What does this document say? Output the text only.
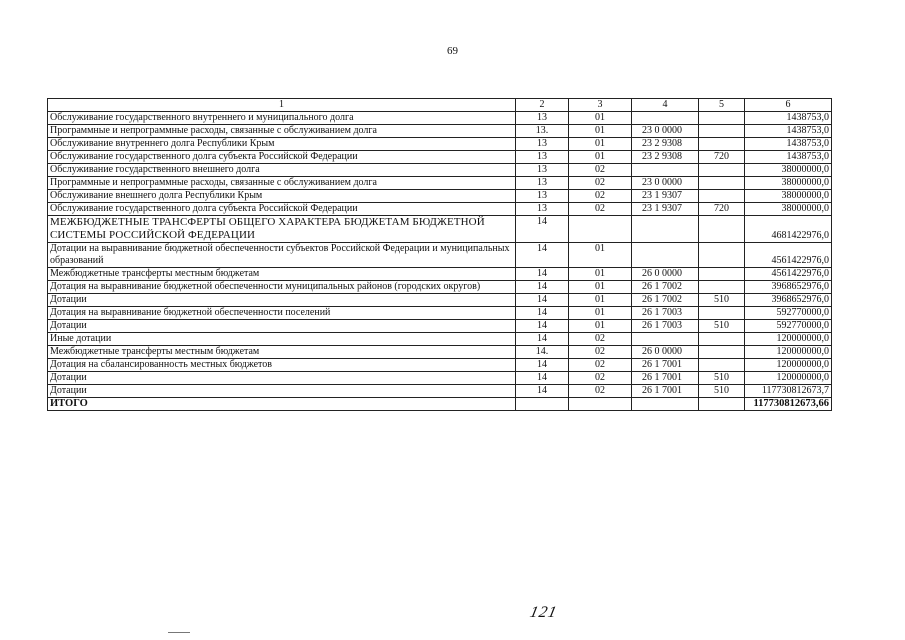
69
1	2	3	4	5	6
Обслуживание государственного внутреннего и муниципального долга	13	01			1438753,0
Программные и непрограммные расходы, связанные с обслуживанием долга	13.	01	23 0 0000		1438753,0
Обслуживание внутреннего долга Республики Крым	13	01	23 2 9308		1438753,0
Обслуживание государственного долга субъекта Российской Федерации	13	01	23 2 9308	720	1438753,0
Обслуживание государственного внешнего долга	13	02			38000000,0
Программные и непрограммные расходы, связанные с обслуживанием долга	13	02	23 0 0000		38000000,0
Обслуживание внешнего долга Республики Крым	13	02	23 1 9307		38000000,0
Обслуживание государственного долга субъекта Российской Федерации	13	02	23 1 9307	720	38000000,0
МЕЖБЮДЖЕТНЫЕ ТРАНСФЕРТЫ ОБЩЕГО ХАРАКТЕРА БЮДЖЕТАМ БЮДЖЕТНОЙ СИСТЕМЫ РОССИЙСКОЙ ФЕДЕРАЦИИ	14				4681422976,0
Дотации на выравнивание бюджетной обеспеченности субъектов Российской Федерации и муниципальных образований	14	01			4561422976,0
Межбюджетные трансферты местным бюджетам	14	01	26 0 0000		4561422976,0
Дотация на выравнивание бюджетной обеспеченности муниципальных районов (городских округов)	14	01	26 1 7002		3968652976,0
Дотации	14	01	26 1 7002	510	3968652976,0
Дотация на выравнивание бюджетной обеспеченности поселений	14	01	26 1 7003		592770000,0
Дотации	14	01	26 1 7003	510	592770000,0
Иные дотации	14	02			120000000,0
Межбюджетные трансферты местным бюджетам	14.	02	26 0 0000		120000000,0
Дотация на сбалансированность местных бюджетов	14	02	26 1 7001		120000000,0
Дотации	14	02	26 1 7001	510	120000000,0
Дотации	14	02	26 1 7001	510	117730812673,7
ИТОГО					117730812673,66
121
